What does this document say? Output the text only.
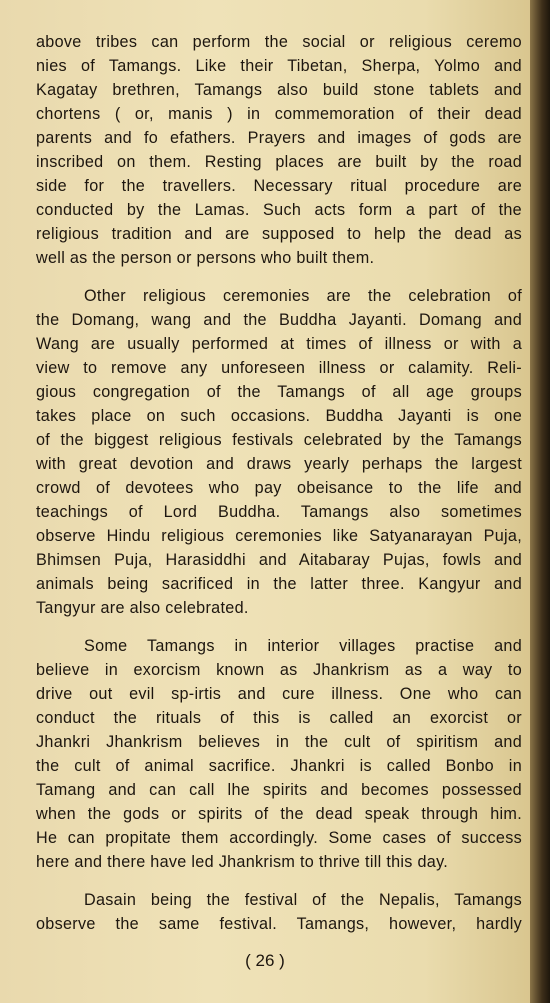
above tribes can perform the social or religious ceremo
nies of Tamangs. Like their Tibetan, Sherpa, Yolmo and
Kagatay brethren, Tamangs also build stone tablets and
chortens ( or, manis ) in commemoration of their dead
parents and fo efathers. Prayers and images of gods are
inscribed on them. Resting places are built by the road
side for the travellers. Necessary ritual procedure are
conducted by the Lamas. Such acts form a part of the
religious tradition and are supposed to help the dead as
well as the person or persons who built them.
Other religious ceremonies are the celebration of
the Domang, wang and the Buddha Jayanti. Domang and
Wang are usually performed at times of illness or with a
view to remove any unforeseen illness or calamity. Reli-
gious congregation of the Tamangs of all age groups
takes place on such occasions. Buddha Jayanti is one
of the biggest religious festivals celebrated by the Tamangs
with great devotion and draws yearly perhaps the largest
crowd of devotees who pay obeisance to the life and
teachings of Lord Buddha. Tamangs also sometimes
observe Hindu religious ceremonies like Satyanarayan Puja,
Bhimsen Puja, Harasiddhi and Aitabaray Pujas, fowls and
animals being sacrificed in the latter three. Kangyur and
Tangyur are also celebrated.
Some Tamangs in interior villages practise and
believe in exorcism known as Jhankrism as a way to
drive out evil sp-irtis and cure illness. One who can
conduct the rituals of this is called an exorcist or
Jhankri Jhankrism believes in the cult of spiritism and
the cult of animal sacrifice. Jhankri is called Bonbo in
Tamang and can call lhe spirits and becomes possessed
when the gods or spirits of the dead speak through him.
He can propitate them accordingly. Some cases of success
here and there have led Jhankrism to thrive till this day.
Dasain being the festival of the Nepalis, Tamangs
observe the same festival. Tamangs, however, hardly
( 26 )
